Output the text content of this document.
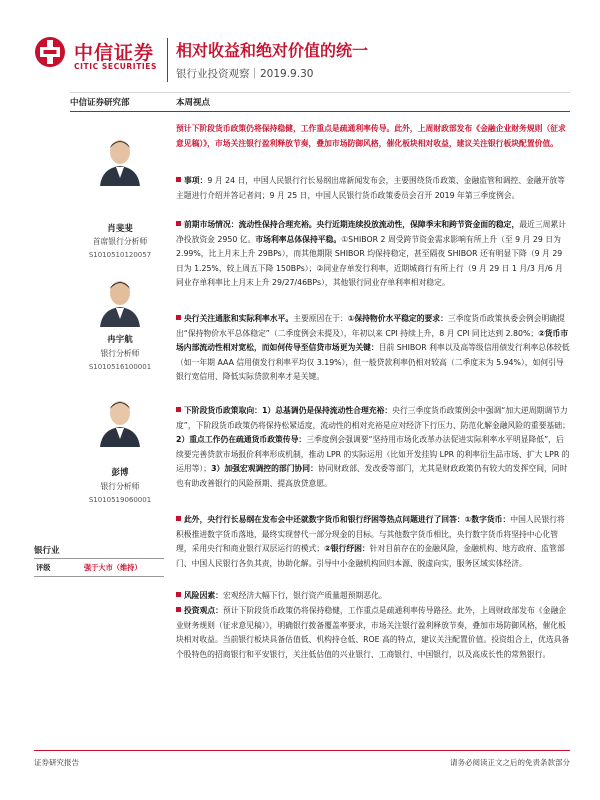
中信证券
CITIC SECURITIES
相对收益和绝对价值的统一
银行业投资观察｜2019.9.30
中信证券研究部	本周视点

预计下阶段货币政策仍将保持稳健，工作重点是疏通利率传导。此外，上周财政部发布《金融企业财务规则（征求意见稿）》，市场关注银行盈利释放节奏，叠加市场防御风格，催化板块相对收益，建议关注银行板块配置价值。

肖斐斐
首席银行分析师
S1010510120057
冉宇航
银行分析师
S1010516100001
彭博
银行分析师
S1010519060001
银行业
评级	强于大市（维持）

事项：9 月 24 日，中国人民银行行长易纲出席新闻发布会，主要围绕货币政策、金融监管和调控、金融开放等主题进行介绍并答记者问；9 月 25 日，中国人民银行货币政策委员会召开 2019 年第三季度例会。

前期市场情况：流动性保持合理充裕。央行近期连续投放流动性，保障季末和跨节资金面的稳定，最近三周累计净投放资金 2950 亿。市场利率总体保持平稳。①SHIBOR 2 周受跨节资金需求影响有所上升（至 9 月 29 日为 2.99%，比上月末上升 29BPs），而其他期限 SHIBOR 均保持稳定，甚至隔夜 SHIBOR 还有明显下降（9 月 29 日为 1.25%，较上周五下降 150BPs）；②同业存单发行利率，近期城商行有所上行（9 月 29 日 1 月/3 月/6 月同业存单利率比上月末上升 29/27/46BPs），其他银行同业存单利率相对稳定。

央行关注通胀和实际利率水平。主要原因在于：①保持物价水平稳定的要求：三季度货币政策执委会例会明确提出“保持物价水平总体稳定”（二季度例会未提及），年初以来 CPI 持续上升，8 月 CPI 同比达到 2.80%；②货币市场内部流动性相对宽松，而如何传导至信贷市场更为关键：目前 SHIBOR 利率以及高等级信用债发行利率总体较低（如一年期 AAA 信用债发行利率平均仅 3.19%），但一般贷款利率仍相对较高（二季度末为 5.94%），如何引导银行宽信用、降低实际贷款利率才是关键。

下阶段货币政策取向：1）总基调仍是保持流动性合理充裕：央行三季度货币政策例会中强调“加大逆周期调节力度”，下阶段货币政策仍将保持松紧适度，流动性的相对充裕是应对经济下行压力、防范化解金融风险的重要基础；2）重点工作仍在疏通货币政策传导：三季度例会强调要“坚持用市场化改革办法促进实际利率水平明显降低”，后续要完善贷款市场报价利率形成机制，推动 LPR 的实际运用（比如开发挂钩 LPR 的利率衍生品市场、扩大 LPR 的运用等）；3）加强宏观调控的部门协同：协同财政部、发改委等部门，尤其是财政政策仍有较大的发挥空间，同时也有助改善银行的风险预期、提高放贷意愿。

此外，央行行长易纲在发布会中还就数字货币和银行纾困等热点问题进行了回答：①数字货币：中国人民银行将积极推进数字货币落地，最终实现替代一部分现金的目标。与其他数字货币相比，央行数字货币将坚持中心化管理，采用央行和商业银行双层运行的模式；②银行纾困：针对目前存在的金融风险，金融机构、地方政府、监管部门、中国人民银行各负其责，协助化解。引导中小金融机构回归本源、脱虚向实，服务区域实体经济。

风险因素：宏观经济大幅下行，银行资产质量超预期恶化。

投资观点：预计下阶段货币政策仍将保持稳健，工作重点是疏通利率传导路径。此外，上周财政部发布《金融企业财务规则（征求意见稿）》，明确银行拨备覆盖率要求，市场关注银行盈利释放节奏，叠加市场防御风格，催化板块相对收益。当前银行板块具备估值低、机构持仓低、ROE 高的特点，建议关注配置价值。投资组合上，优选具备个股特色的招商银行和平安银行，关注低估值的兴业银行、工商银行、中国银行，以及高成长性的常熟银行。

证券研究报告	请务必阅读正文之后的免责条款部分
